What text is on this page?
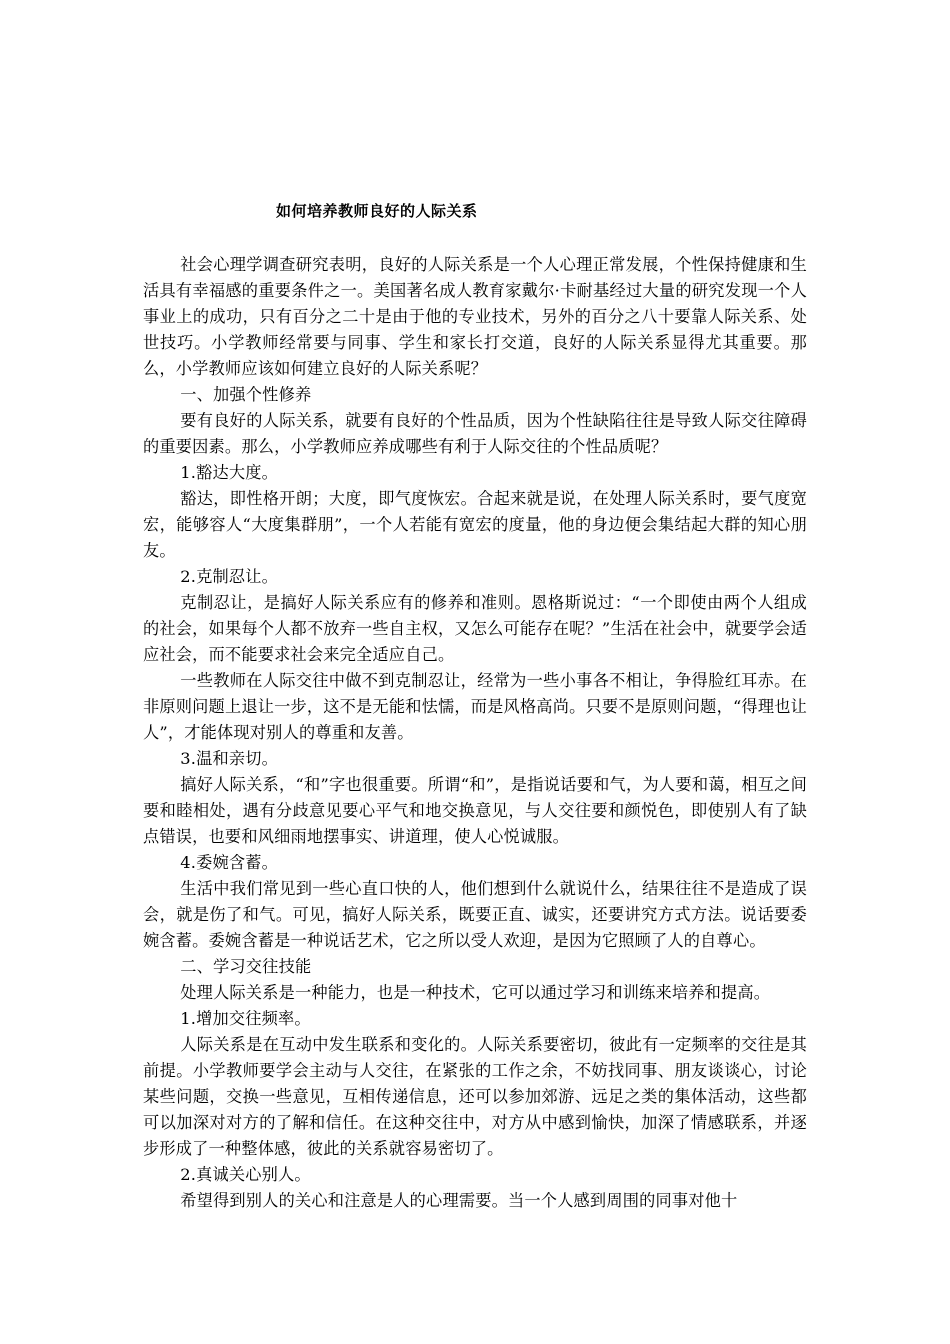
如何培养教师良好的人际关系

社会心理学调查研究表明，良好的人际关系是一个人心理正常发展，个性保持健康和生活具有幸福感的重要条件之一。美国著名成人教育家戴尔·卡耐基经过大量的研究发现一个人事业上的成功，只有百分之二十是由于他的专业技术，另外的百分之八十要靠人际关系、处世技巧。小学教师经常要与同事、学生和家长打交道，良好的人际关系显得尤其重要。那么，小学教师应该如何建立良好的人际关系呢？

一、加强个性修养

要有良好的人际关系，就要有良好的个性品质，因为个性缺陷往往是导致人际交往障碍的重要因素。那么，小学教师应养成哪些有利于人际交往的个性品质呢？

1.豁达大度。

豁达，即性格开朗；大度，即气度恢宏。合起来就是说，在处理人际关系时，要气度宽宏，能够容人“大度集群朋”，一个人若能有宽宏的度量，他的身边便会集结起大群的知心朋友。

2.克制忍让。

克制忍让，是搞好人际关系应有的修养和准则。恩格斯说过：“一个即使由两个人组成的社会，如果每个人都不放弃一些自主权，又怎么可能存在呢？”生活在社会中，就要学会适应社会，而不能要求社会来完全适应自己。

一些教师在人际交往中做不到克制忍让，经常为一些小事各不相让，争得脸红耳赤。在非原则问题上退让一步，这不是无能和怯懦，而是风格高尚。只要不是原则问题，“得理也让人”，才能体现对别人的尊重和友善。

3.温和亲切。

搞好人际关系，“和”字也很重要。所谓“和”，是指说话要和气，为人要和蔼，相互之间要和睦相处，遇有分歧意见要心平气和地交换意见，与人交往要和颜悦色，即使别人有了缺点错误，也要和风细雨地摆事实、讲道理，使人心悦诚服。

4.委婉含蓄。

生活中我们常见到一些心直口快的人，他们想到什么就说什么，结果往往不是造成了误会，就是伤了和气。可见，搞好人际关系，既要正直、诚实，还要讲究方式方法。说话要委婉含蓄。委婉含蓄是一种说话艺术，它之所以受人欢迎，是因为它照顾了人的自尊心。

二、学习交往技能

处理人际关系是一种能力，也是一种技术，它可以通过学习和训练来培养和提高。

1.增加交往频率。

人际关系是在互动中发生联系和变化的。人际关系要密切，彼此有一定频率的交往是其前提。小学教师要学会主动与人交往，在紧张的工作之余，不妨找同事、朋友谈谈心，讨论某些问题，交换一些意见，互相传递信息，还可以参加郊游、远足之类的集体活动，这些都可以加深对对方的了解和信任。在这种交往中，对方从中感到愉快，加深了情感联系，并逐步形成了一种整体感，彼此的关系就容易密切了。

2.真诚关心别人。

希望得到别人的关心和注意是人的心理需要。当一个人感到周围的同事对他十
